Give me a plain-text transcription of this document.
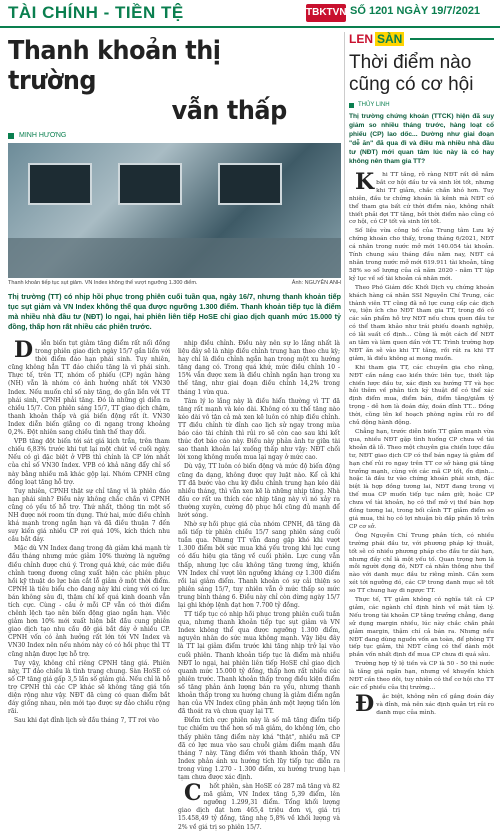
TÀI CHÍNH - TIỀN TỆ	TBKTVN SỐ 1201 NGÀY 19/7/2021
Thanh khoản thị trường
vẫn thấp
MINH HƯƠNG
Thanh khoản tiếp tục sụt giảm. VN Index không thể vượt ngưỡng 1.300 điểm.	Ảnh: NGUYỄN ANH
Thị trường (TT) có nhịp hồi phục trong phiên cuối tuần qua, ngày 16/7, nhưng thanh khoản tiếp tục sụt giảm và VN Index không thể qua được ngưỡng 1.300 điểm. Thanh khoản tiếp tục là điểm mà nhiều nhà đầu tư (NĐT) lo ngại, hai phiên liên tiếp HoSE chỉ giao dịch quanh mức 15.000 tỷ đồng, thấp hơn rất nhiều các phiên trước.

D iễn biến tụt giảm tăng điểm rất nối đồng trong phiên giao dịch ngày 15/7 gần liền với thời điểm đáo hạn phái sinh. Tuy nhiên, cũng không hẳn TT đáo chiều tăng là vì phái sinh. Thực tế, trên TT, nhóm cổ phiếu (CP) ngân hàng (NH) vẫn là nhóm có ảnh hưởng nhất tới VN30 Index. Nếu muốn chỉ số này tăng, do gắn liền với TT phái sinh, CPNH phải tăng. Đó là những gì diễn ra chiều 15/7. Con phiên sáng 15/7, TT giao dịch chậm, thanh khoản thấp và giá biến động rất ít. VN30 Index diễn biến giằng co đi ngang trong khoảng 0,2%. Đột nhiên sang chiều tình thế thay đổi.

VPB tăng đột biến tới sát giá kịch trần, trên tham chiếu 6,83% trước khi tụt lại một chút về cuối ngày. Nếu có gì đặc biệt ở VPB thì chính là CP lớn nhất của chỉ số VN30 Index. VPB có khả năng đẩy chỉ số này bằng nhiều mã khác gộp lại. Nhóm CPNH cũng đồng loạt tăng hỗ trợ.

Tuy nhiên, CPNH thật sự chỉ tăng vì là phiên đáo hạn phái sinh? Điều này không chắc chắn vì CPNH cũng có yếu tố hỗ trợ. Thứ nhất, thông tin một số NH được nới room tín dụng. Thứ hai, mức điều chỉnh khá mạnh trong ngắn hạn và đã điều thuận 7 đến suy kiến giá nhiều CP rơi quá 10%, kích thích nhu cầu bắt đáy.

Mặc dù VN Index đang trong đà giảm khá mạnh từ đầu tháng nhưng mức giảm 10% thường là ngưỡng điều chỉnh được chú ý. Trong quá khứ, các mức điều chỉnh tương đương cũng xuất hiện các phiên phục hồi kỹ thuật do lực bán cắt lỗ giảm ở một thời điểm. CPNH là tiêu biểu cho đang này khi cùng với có lực bán không sâu đi, thậm chí kể quá kinh doanh vẫn tích cực. Cùng - cầu ở mỗi CP vẫn có thời điểm chênh lệch tạo nên biến động giao ngắn hạn. Việc giảm hơn 10% mới xuất hiện bắt đầu cung phiên giao dịch tạo nhu cầu đỡ giá bắt đáy ở nhiều CP. CPNH vốn có ảnh hưởng rất lớn tới VN Index và VN30 Index nên nếu nhóm này có có hồi phục thì TT cũng nhận được lực hỗ trợ.

Tuy vậy, không chỉ riêng CPNH tăng giá. Phiên này, TT đảo chiều là tình trạng chung. Sàn HoSE có số CP tăng giá gấp 3,5 lần số giảm giá. Nếu chỉ là hỗ trợ CPNH thì các CP khác sẽ không tăng giá tốn diện rộng như vậy. NĐT đã cùng có quan điểm bắt đáy giống nhau, nên mới tạo được sự đảo chiều rộng rãi.

Sau khi đạt đỉnh lịch sử đầu tháng 7, TT rơi vào

nhịp điều chỉnh. Điều này nên sự lo lắng nhất là liệu đây sẽ là nhịp điều chỉnh trung hạn theo chu kỳ; hay chỉ là điều chỉnh ngắn hạn trong một xu hướng tăng dạng có. Trong quá khứ, mức điều chỉnh 10 - 15% vẫn được xem là điều chỉnh ngắn hạn trong xu thế tăng, như giai đoạn điều chỉnh 14,2% trong tháng 1 vừa qua.

Tâm lý lo lắng này là điều hiển thường vì TT đã tăng rất mạnh và kéo dài. Không có xu thế tăng nào kéo dài vô tận cả mà xen kẽ luôn có nhịp điều chỉnh. TT điều chỉnh từ đỉnh cao lịch sử ngay trong mùa báo cáo tài chính thì rủi ro sẽ còn cao sau khi kết thúc đợt báo cáo này. Điều này phản ảnh tư giữa tài sao thanh khoản lại xuống thấp như vậy: NĐT chối lời xong không muốn mua lại ngay ở mức cao.

Dù vậy, TT luôn có biến động và mức độ biến động cũng đa dạng, không được quy luật nào. Kể cả khi TT đã bước vào chu kỳ điều chỉnh trung hạn kéo dài nhiều tháng, thì vẫn xen kẽ là những nhịp tăng. Nhà đầu cơ rất ưa thích các nhịp tăng này vì nó xảy ra thường xuyên, cường độ phục hồi cũng đủ mạnh để lướt sóng.

Nhờ sự hồi phục giá của nhóm CPNH, đã tăng đà nối tiếp từ phiên chiều 15/7 sang phiên sáng cuối tuần qua. Nhưng TT vẫn đang gặp khó khi vượt 1.300 điểm bởi sức mua khá yếu trong khi lực cung có dấu hiệu gia tăng về cuối phiên. Lực cung vẫn thấp, nhưng lực cầu không tăng tương ứng, khiến VN Index chỉ vượt lên ngưỡng kháng cự 1.300 điểm rồi lại giảm điểm. Thanh khoản có sự cải thiện so phiên sáng 15/7, tuy nhiên vẫn ở mức thấp so mức trung bình tháng 6. Điều này chỉ còn dừng ngày 15/7 lại ghi khớp lệnh đạt hơn 7.700 tỷ đồng.

TT tiếp tục có nhịp hồi phục trong phiên cuối tuần qua, nhưng thanh khoản tiếp tục sụt giảm và VN Index không thể qua được ngưỡng 1.300 điểm, nguyên nhân do sức mua không mạnh. Vậy liệu đây là TT lại giảm điểm trước khi tăng nhịp trở lại vào cuối phiên. Thanh khoản tiếp tục là điểm mà nhiều NĐT lo ngại, hai phiên liên tiếp HoSE chỉ giao dịch quanh mức 15.000 tỷ đồng, thấp hơn rất nhiều các phiên trước. Thanh khoản thấp trong điều kiện điểm số tăng phản ánh lượng bán ra yếu, nhưng thanh khoản thấp trong xu hướng chung là giảm điểm ngắn hạn của VN Index cũng phản ánh một lượng tiền lớn đã thoát ra và chưa quay lại TT.

Điểm tích cực phiên này là số mã tăng điểm tiếp tục chiếm ưu thế hơn số mã giảm, do không lớn, cho thấy phiên tăng điểm này khá "thật", nhiều mã CP đã có lực mua vào sau chuỗi giảm điểm mạnh đầu tháng 7 này. Tăng điểm với thanh khoản thấp, VN Index phản ánh xu hướng tích lũy tiếp tục diễn ra trong vùng 1.270 - 1.300 điểm, xu hướng trung hạn tạm chưa được xác định.

C hốt phiên, sàn HoSE có 287 mã tăng và 82 mã giảm, VN Index tăng 5,39 điểm, lên ngưỡng 1.299,31 điểm. Tổng khối lượng giao dịch đạt hơn 465,4 triệu đơn vị, giá trị 15.458,49 tỷ đồng, tăng nhẹ 5,8% về khối lượng và 2% về giá trị so phiên 15/7.

LEN SÀN
Thời điểm nào cũng có cơ hội
THỦY LINH
Thị trường chứng khoán (TTCK) hiện đã suy giảm so nhiều tháng trước, hàng loạt cổ phiếu (CP) lao dốc... Dường như giai đoạn "dễ ăn" đã qua đi và điều mà nhiều nhà đầu tư (NĐT) mới quan tâm lúc này là có hay không nên tham gia TT?

K hi TT tăng, rõ ràng NĐT rất dễ nắm bắt cơ hội đầu tư và sinh lời tốt, nhưng khi TT giảm, chắc chắn khó hơn. Tuy nhiên, đầu tư chứng khoán là kênh mà NĐT có thể tham gia bất cứ thời điểm nào, không nhất thiết phải đợi TT tăng, bởi thời điểm nào cũng có cơ hội, có CP tốt và sinh lời tốt.

Số liệu vừa công bố của Trung tâm Lưu ký chứng khoán cho thấy, trong tháng 6/2021, NĐT cá nhân trong nước mở mới 140.054 tài khoản. Tính chung sáu tháng đầu năm nay, NĐT cá nhân trong nước mở mới 619.911 tài khoản, tăng 58% so số lượng của cả năm 2020 - năm TT lập kỷ lục về số tài khoản cá nhân mới.

Theo Phó Giám đốc Khối Dịch vụ chứng khoán khách hàng cá nhân SSI Nguyễn Chí Trung, các thành viên TT cũng đã nỗ lực cung cấp các dịch vụ, tiện ích cho NĐT tham gia TT, trong đó có các sản phẩm hỗ trợ NĐT nếu chưa quen đầu tư có thể tham khảo như trái phiếu doanh nghiệp, có lãi suất cố định... Cũng là một cách để NĐT an tâm và làm quen dần với TT. Trình trường hợp NĐT ăn sẽ vào khi TT tăng, rồi rút ra khi TT giảm, là điều không ai mong muốn.

Khi tham gia TT, các chuyên gia cho rằng, NĐT cần nắng cao kiến thức liên tục, thiết lập chiến lược đầu tư, xác định xu hướng TT và học hỏi thêm về phân tích kỹ thuật để có thể xác định điểm mua, điểm bán, điểm tăng/giảm tỷ trọng - dễ hơn là đoán đáy, đoán đỉnh TT... Đồng thời, cũng lên kế hoạch phòng ngừa rủi ro để chủ động hành động.

Chẳng hạn, trước diễn biến TT giảm mạnh vừa qua, nhiều NĐT gặp tình huống CP chưa về tài khoản đã lỗ. Theo một chuyên gia chiến lược đầu tư, NĐT giao dịch CP có thể bán ngay là giảm để hạn chế rủi ro ngay trên TT cơ sở hàng giá tăng trưởng mạnh, cùng với các mã CP tốt, ổn định... hoặc là đầu tư vào chứng khoán phái sinh, đặc biệt là hợp đồng tương lai, NĐT đang trong vị thế mua CP muốn tiếp tục nắm giữ, hoặc CP chưa về tài khoản, họ có thể mở vị thế bán hợp đồng tương lai, trong bối cảnh TT giảm điểm so giá mua, thì họ có lợi nhuận bù đắp phần lỗ trên CP cơ sở.

Ông Nguyễn Chí Trung phân tích, có nhiều trường phái đầu tư, với phương pháp kỹ thuật, tốt sẽ có nhiều phương pháp cho đầu tư dài hạn, nhưng đầy chỉ là một yếu tố. Quan trọng hơn là mỗi người đọng đó, NĐT cá nhân thông nhu thể nào với danh mục đầu tư riêng mình. Cần xem xét tới ngưỡng đó, các CP trong danh mục sẽ tốt so TT chung hay đi ngược TT.

Thực tế, TT giảm không có nghĩa tất cả CP giảm, các ngành chỉ định hình về mặt tâm lý. Nếu trong tài khoản CP tăng trưởng chẳng, đang sử dụng margin nhiều, lúc này chắc chắn phải giảm margin, thậm chí cả bán ra. Nhưng nếu NĐT đang dùng nguồn vốn an toàn, để phòng TT tiếp tục giảm, thì NĐT cũng có thể dành một phần vốn nhất định để mua CP chưa đi quá sâu.

Trường hợp tỷ lệ tiền và CP là 50 - 50 thì nước là tăng giá ngắn hạn, nhưng về khuyến khích NĐT cần theo dõi, tuy nhiên có thể cơ hội cho TT các cổ phiếu của thị trường...

Đ ặc biệt, không nên cố gắng đoán đáy và đỉnh, mà nên xác định quản trị rủi ro danh mục của mình.
